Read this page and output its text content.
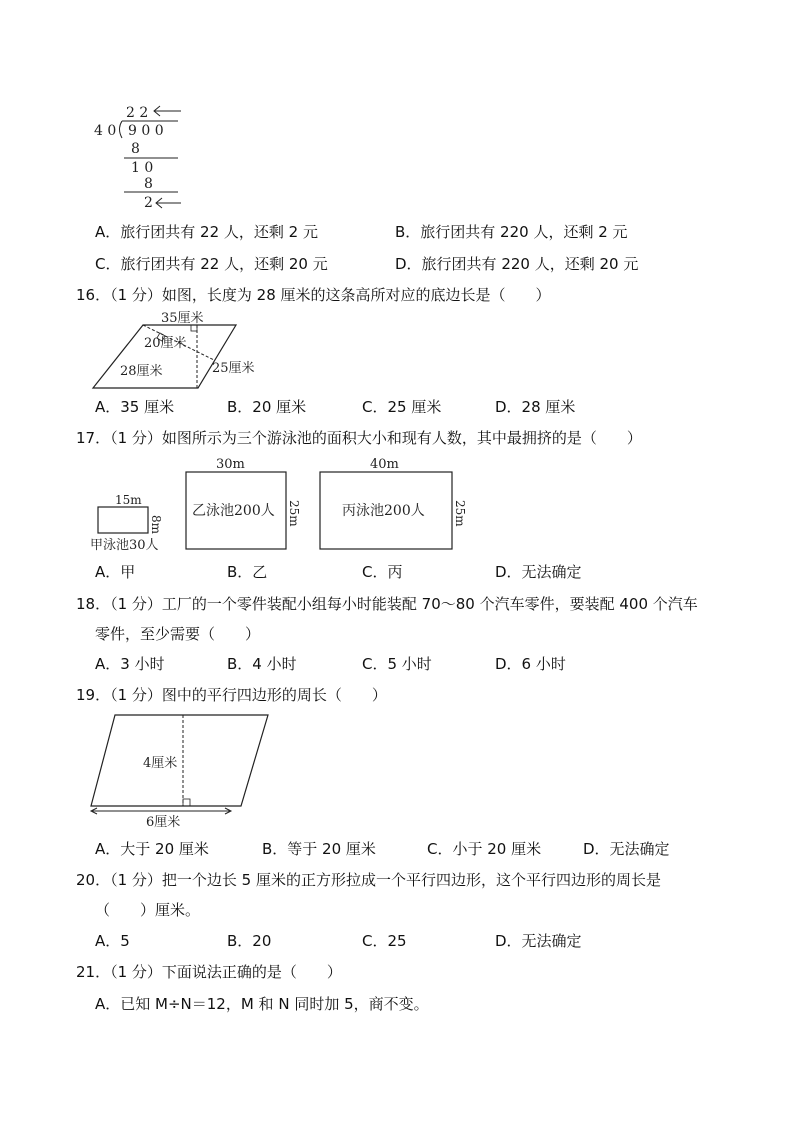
2 2
4 0 9 0 0
8
1 0
8
2
A．旅行团共有 22 人，还剩 2 元	B．旅行团共有 220 人，还剩 2 元
C．旅行团共有 22 人，还剩 20 元	D．旅行团共有 220 人，还剩 20 元
16．（1 分）如图，长度为 28 厘米的这条高所对应的底边长是（　　）
35厘米
20厘米
25厘米
28厘米
A．35 厘米	B．20 厘米	C．25 厘米	D．28 厘米
17．（1 分）如图所示为三个游泳池的面积大小和现有人数，其中最拥挤的是（　　）
15m
8m
甲泳池30人
30m
乙泳池200人 25m
40m
丙泳池200人 25m
A．甲	B．乙	C．丙	D．无法确定
18．（1 分）工厂的一个零件装配小组每小时能装配 70～80 个汽车零件，要装配 400 个汽车
零件，至少需要（　　）
A．3 小时	B．4 小时	C．5 小时	D．6 小时
19．（1 分）图中的平行四边形的周长（　　）
4厘米
6厘米
A．大于 20 厘米	B．等于 20 厘米	C．小于 20 厘米	D．无法确定
20．（1 分）把一个边长 5 厘米的正方形拉成一个平行四边形，这个平行四边形的周长是
（　　）厘米。
A．5	B．20	C．25	D．无法确定
21．（1 分）下面说法正确的是（　　）
A．已知 M÷N＝12，M 和 N 同时加 5，商不变。
